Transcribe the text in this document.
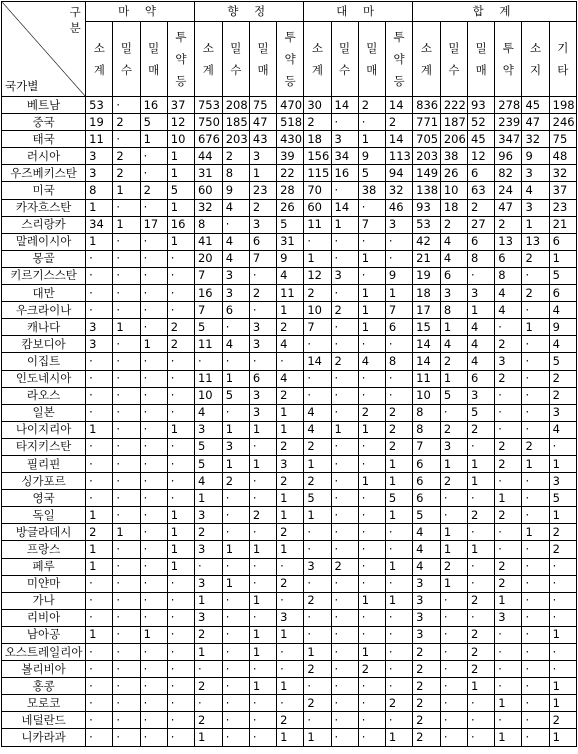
구분
국가별	마 약				향 정				대 마				합 계					
	소계	밀수	밀매	투약등	소계	밀수	밀매	투약등	소계	밀수	밀매	투약등	소계	밀수	밀매	투약	소지	기타
베트남	53	·	16	37	753	208	75	470	30	14	2	14	836	222	93	278	45	198
중국	19	2	5	12	750	185	47	518	2	·	·	2	771	187	52	239	47	246
태국	11	·	1	10	676	203	43	430	18	3	1	14	705	206	45	347	32	75
러시아	3	2	·	1	44	2	3	39	156	34	9	113	203	38	12	96	9	48
우즈베키스탄	3	2	·	1	31	8	1	22	115	16	5	94	149	26	6	82	3	32
미국	8	1	2	5	60	9	23	28	70	·	38	32	138	10	63	24	4	37
카자흐스탄	1	·	·	1	32	4	2	26	60	14	·	46	93	18	2	47	3	23
스리랑카	34	1	17	16	8	·	3	5	11	1	7	3	53	2	27	2	1	21
말레이시아	1	·	·	1	41	4	6	31	·	·	·	·	42	4	6	13	13	6
몽골	·	·	·	·	20	4	7	9	1	·	1	·	21	4	8	6	2	1
키르기스스탄	·	·	·	·	7	3	·	4	12	3	·	9	19	6	·	8	·	5
대만	·	·	·	·	16	3	2	11	2	·	1	1	18	3	3	4	2	6
우크라이나	·	·	·	·	7	6	·	1	10	2	1	7	17	8	1	4	·	4
캐나다	3	1	·	2	5	·	3	2	7	·	1	6	15	1	4	·	1	9
캄보디아	3	·	1	2	11	4	3	4	·	·	·	·	14	4	4	2	·	4
이집트	·	·	·	·	·	·	·	·	14	2	4	8	14	2	4	3	·	5
인도네시아	·	·	·	·	11	1	6	4	·	·	·	·	11	1	6	2	·	2
라오스	·	·	·	·	10	5	3	2	·	·	·	·	10	5	3	·	·	2
일본	·	·	·	·	4	·	3	1	4	·	2	2	8	·	5	·	·	3
나이지리아	1	·	·	1	3	1	1	1	4	1	1	2	8	2	2	·	·	4
타지키스탄	·	·	·	·	5	3	·	2	2	·	·	2	7	3	·	2	2	·
필리핀	·	·	·	·	5	1	1	3	1	·	·	1	6	1	1	2	1	1
싱가포르	·	·	·	·	4	2	·	2	2	·	1	1	6	2	1	·	·	3
영국	·	·	·	·	1	·	·	1	5	·	·	5	6	·	·	1	·	5
독일	1	·	·	1	3	·	2	1	1	·	·	1	5	·	2	2	·	1
방글라데시	2	1	·	1	2	·	·	2	·	·	·	·	4	1	·	·	1	2
프랑스	1	·	·	1	3	1	1	1	·	·	·	·	4	1	1	·	·	2
페루	1	·	·	1	·	·	·	·	3	2	·	1	4	2	·	2	·	·
미얀마	·	·	·	·	3	1	·	2	·	·	·	·	3	1	·	2	·	·
가나	·	·	·	·	1	·	1	·	2	·	1	1	3	·	2	1	·	·
리비아	·	·	·	·	3	·	·	3	·	·	·	·	3	·	·	3	·	·
남아공	1	·	1	·	2	·	1	1	·	·	·	·	3	·	2	·	·	1
오스트레일리아	·	·	·	·	1	·	1	·	1	·	1	·	2	·	2	·	·	·
볼리비아	·	·	·	·	·	·	·	·	2	·	2	·	2	·	2	·	·	·
홍콩	·	·	·	·	2	·	1	1	·	·	·	·	2	·	1	·	·	1
모로코	·	·	·	·	·	·	·	·	2	·	·	2	2	·	·	1	·	1
네덜란드	·	·	·	·	2	·	·	2	·	·	·	·	2	·	·	·	·	2
니카라과	·	·	·	·	1	·	·	1	1	·	·	1	2	·	·	1	·	1
